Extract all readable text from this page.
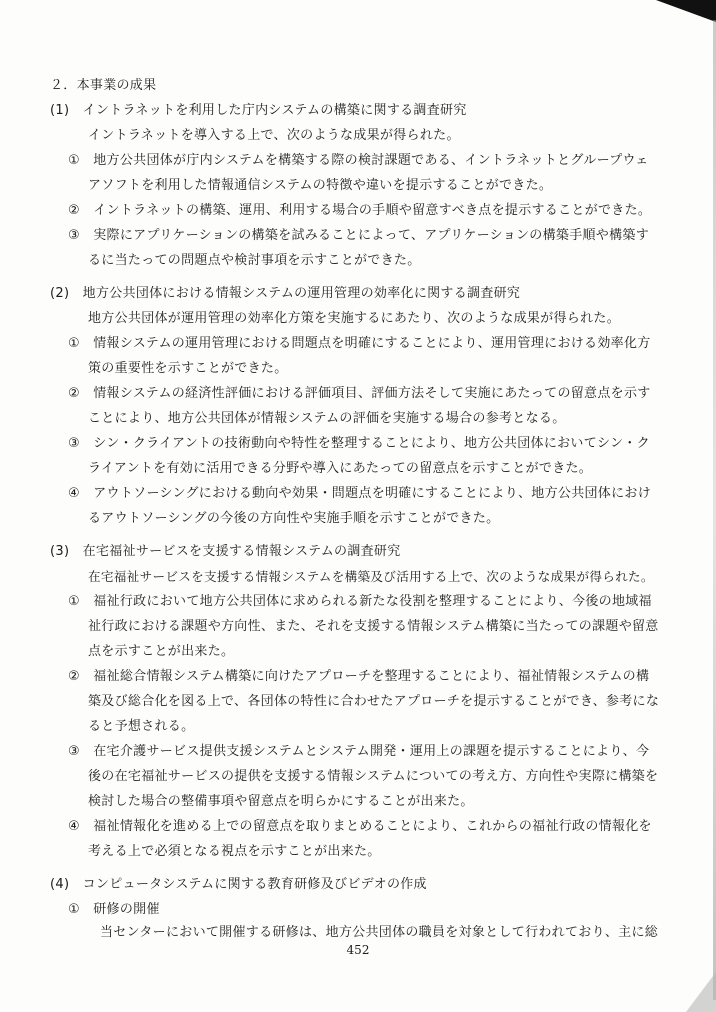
２．本事業の成果
(1)　イントラネットを利用した庁内システムの構築に関する調査研究
イントラネットを導入する上で、次のような成果が得られた。
①　地方公共団体が庁内システムを構築する際の検討課題である、イントラネットとグループウェ
アソフトを利用した情報通信システムの特徴や違いを提示することができた。
②　イントラネットの構築、運用、利用する場合の手順や留意すべき点を提示することができた。
③　実際にアプリケーションの構築を試みることによって、アプリケーションの構築手順や構築す
るに当たっての問題点や検討事項を示すことができた。
(2)　地方公共団体における情報システムの運用管理の効率化に関する調査研究
地方公共団体が運用管理の効率化方策を実施するにあたり、次のような成果が得られた。
①　情報システムの運用管理における問題点を明確にすることにより、運用管理における効率化方
策の重要性を示すことができた。
②　情報システムの経済性評価における評価項目、評価方法そして実施にあたっての留意点を示す
ことにより、地方公共団体が情報システムの評価を実施する場合の参考となる。
③　シン・クライアントの技術動向や特性を整理することにより、地方公共団体においてシン・ク
ライアントを有効に活用できる分野や導入にあたっての留意点を示すことができた。
④　アウトソーシングにおける動向や効果・問題点を明確にすることにより、地方公共団体におけ
るアウトソーシングの今後の方向性や実施手順を示すことができた。
(3)　在宅福祉サービスを支援する情報システムの調査研究
在宅福祉サービスを支援する情報システムを構築及び活用する上で、次のような成果が得られた。
①　福祉行政において地方公共団体に求められる新たな役割を整理することにより、今後の地域福
祉行政における課題や方向性、また、それを支援する情報システム構築に当たっての課題や留意
点を示すことが出来た。
②　福祉総合情報システム構築に向けたアプローチを整理することにより、福祉情報システムの構
築及び総合化を図る上で、各団体の特性に合わせたアプローチを提示することができ、参考にな
ると予想される。
③　在宅介護サービス提供支援システムとシステム開発・運用上の課題を提示することにより、今
後の在宅福祉サービスの提供を支援する情報システムについての考え方、方向性や実際に構築を
検討した場合の整備事項や留意点を明らかにすることが出来た。
④　福祉情報化を進める上での留意点を取りまとめることにより、これからの福祉行政の情報化を
考える上で必須となる視点を示すことが出来た。
(4)　コンピュータシステムに関する教育研修及びビデオの作成
①　研修の開催
当センターにおいて開催する研修は、地方公共団体の職員を対象として行われており、主に総
452
